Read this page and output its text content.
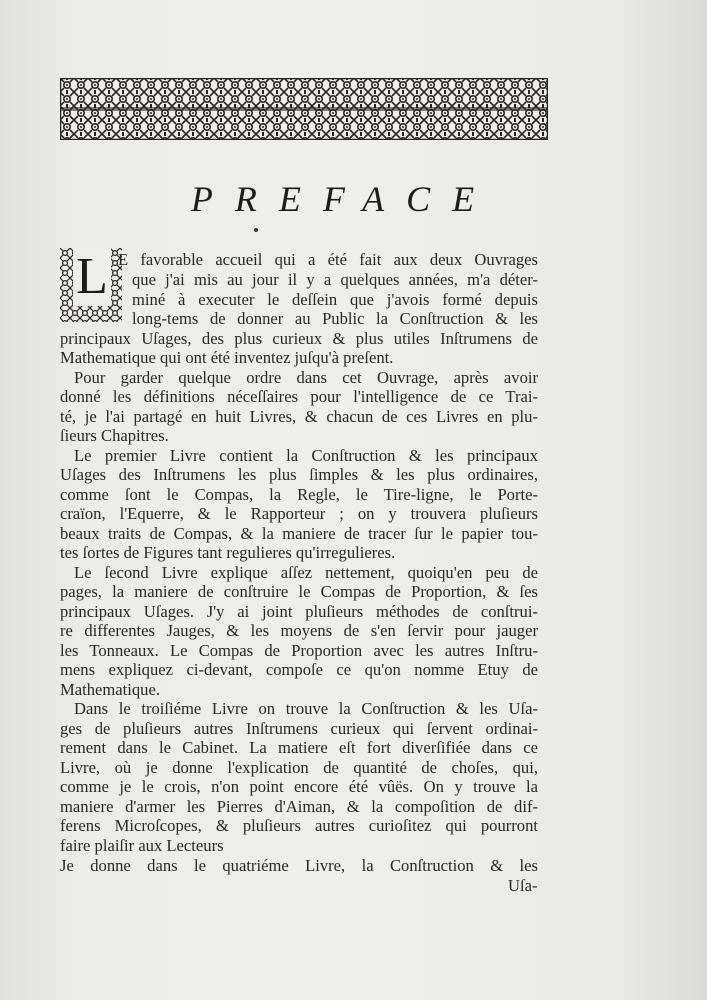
PREFACE
L E favorable accueil qui a été fait aux deux Ouvrages
que j'ai mis au jour il y a quelques années, m'a déter-
miné à executer le deſſein que j'avois formé depuis
long-tems de donner au Public la Conſtruction & les
principaux Uſages, des plus curieux & plus utiles Inſtrumens de
Mathematique qui ont été inventez juſqu'à preſent.
Pour garder quelque ordre dans cet Ouvrage, après avoir
donné les définitions néceſſaires pour l'intelligence de ce Trai-
té, je l'ai partagé en huit Livres, & chacun de ces Livres en plu-
ſieurs Chapitres.
Le premier Livre contient la Conſtruction & les principaux
Uſages des Inſtrumens les plus ſimples & les plus ordinaires,
comme ſont le Compas, la Regle, le Tire-ligne, le Porte-
craïon, l'Equerre, & le Rapporteur ; on y trouvera pluſieurs
beaux traits de Compas, & la maniere de tracer ſur le papier tou-
tes ſortes de Figures tant regulieres qu'irregulieres.
Le ſecond Livre explique aſſez nettement, quoiqu'en peu de
pages, la maniere de conſtruire le Compas de Proportion, & ſes
principaux Uſages. J'y ai joint pluſieurs méthodes de conſtrui-
re differentes Jauges, & les moyens de s'en ſervir pour jauger
les Tonneaux. Le Compas de Proportion avec les autres Inſtru-
mens expliquez ci-devant, compoſe ce qu'on nomme Etuy de
Mathematique.
Dans le troiſiéme Livre on trouve la Conſtruction & les Uſa-
ges de pluſieurs autres Inſtrumens curieux qui ſervent ordinai-
rement dans le Cabinet. La matiere eſt fort diverſifiée dans ce
Livre, où je donne l'explication de quantité de choſes, qui,
comme je le crois, n'on point encore été vûës. On y trouve la
maniere d'armer les Pierres d'Aiman, & la compoſition de dif-
ferens Microſcopes, & pluſieurs autres curioſitez qui pourront
faire plaiſir aux Lecteurs
Je donne dans le quatriéme Livre, la Conſtruction & les
Uſa-
